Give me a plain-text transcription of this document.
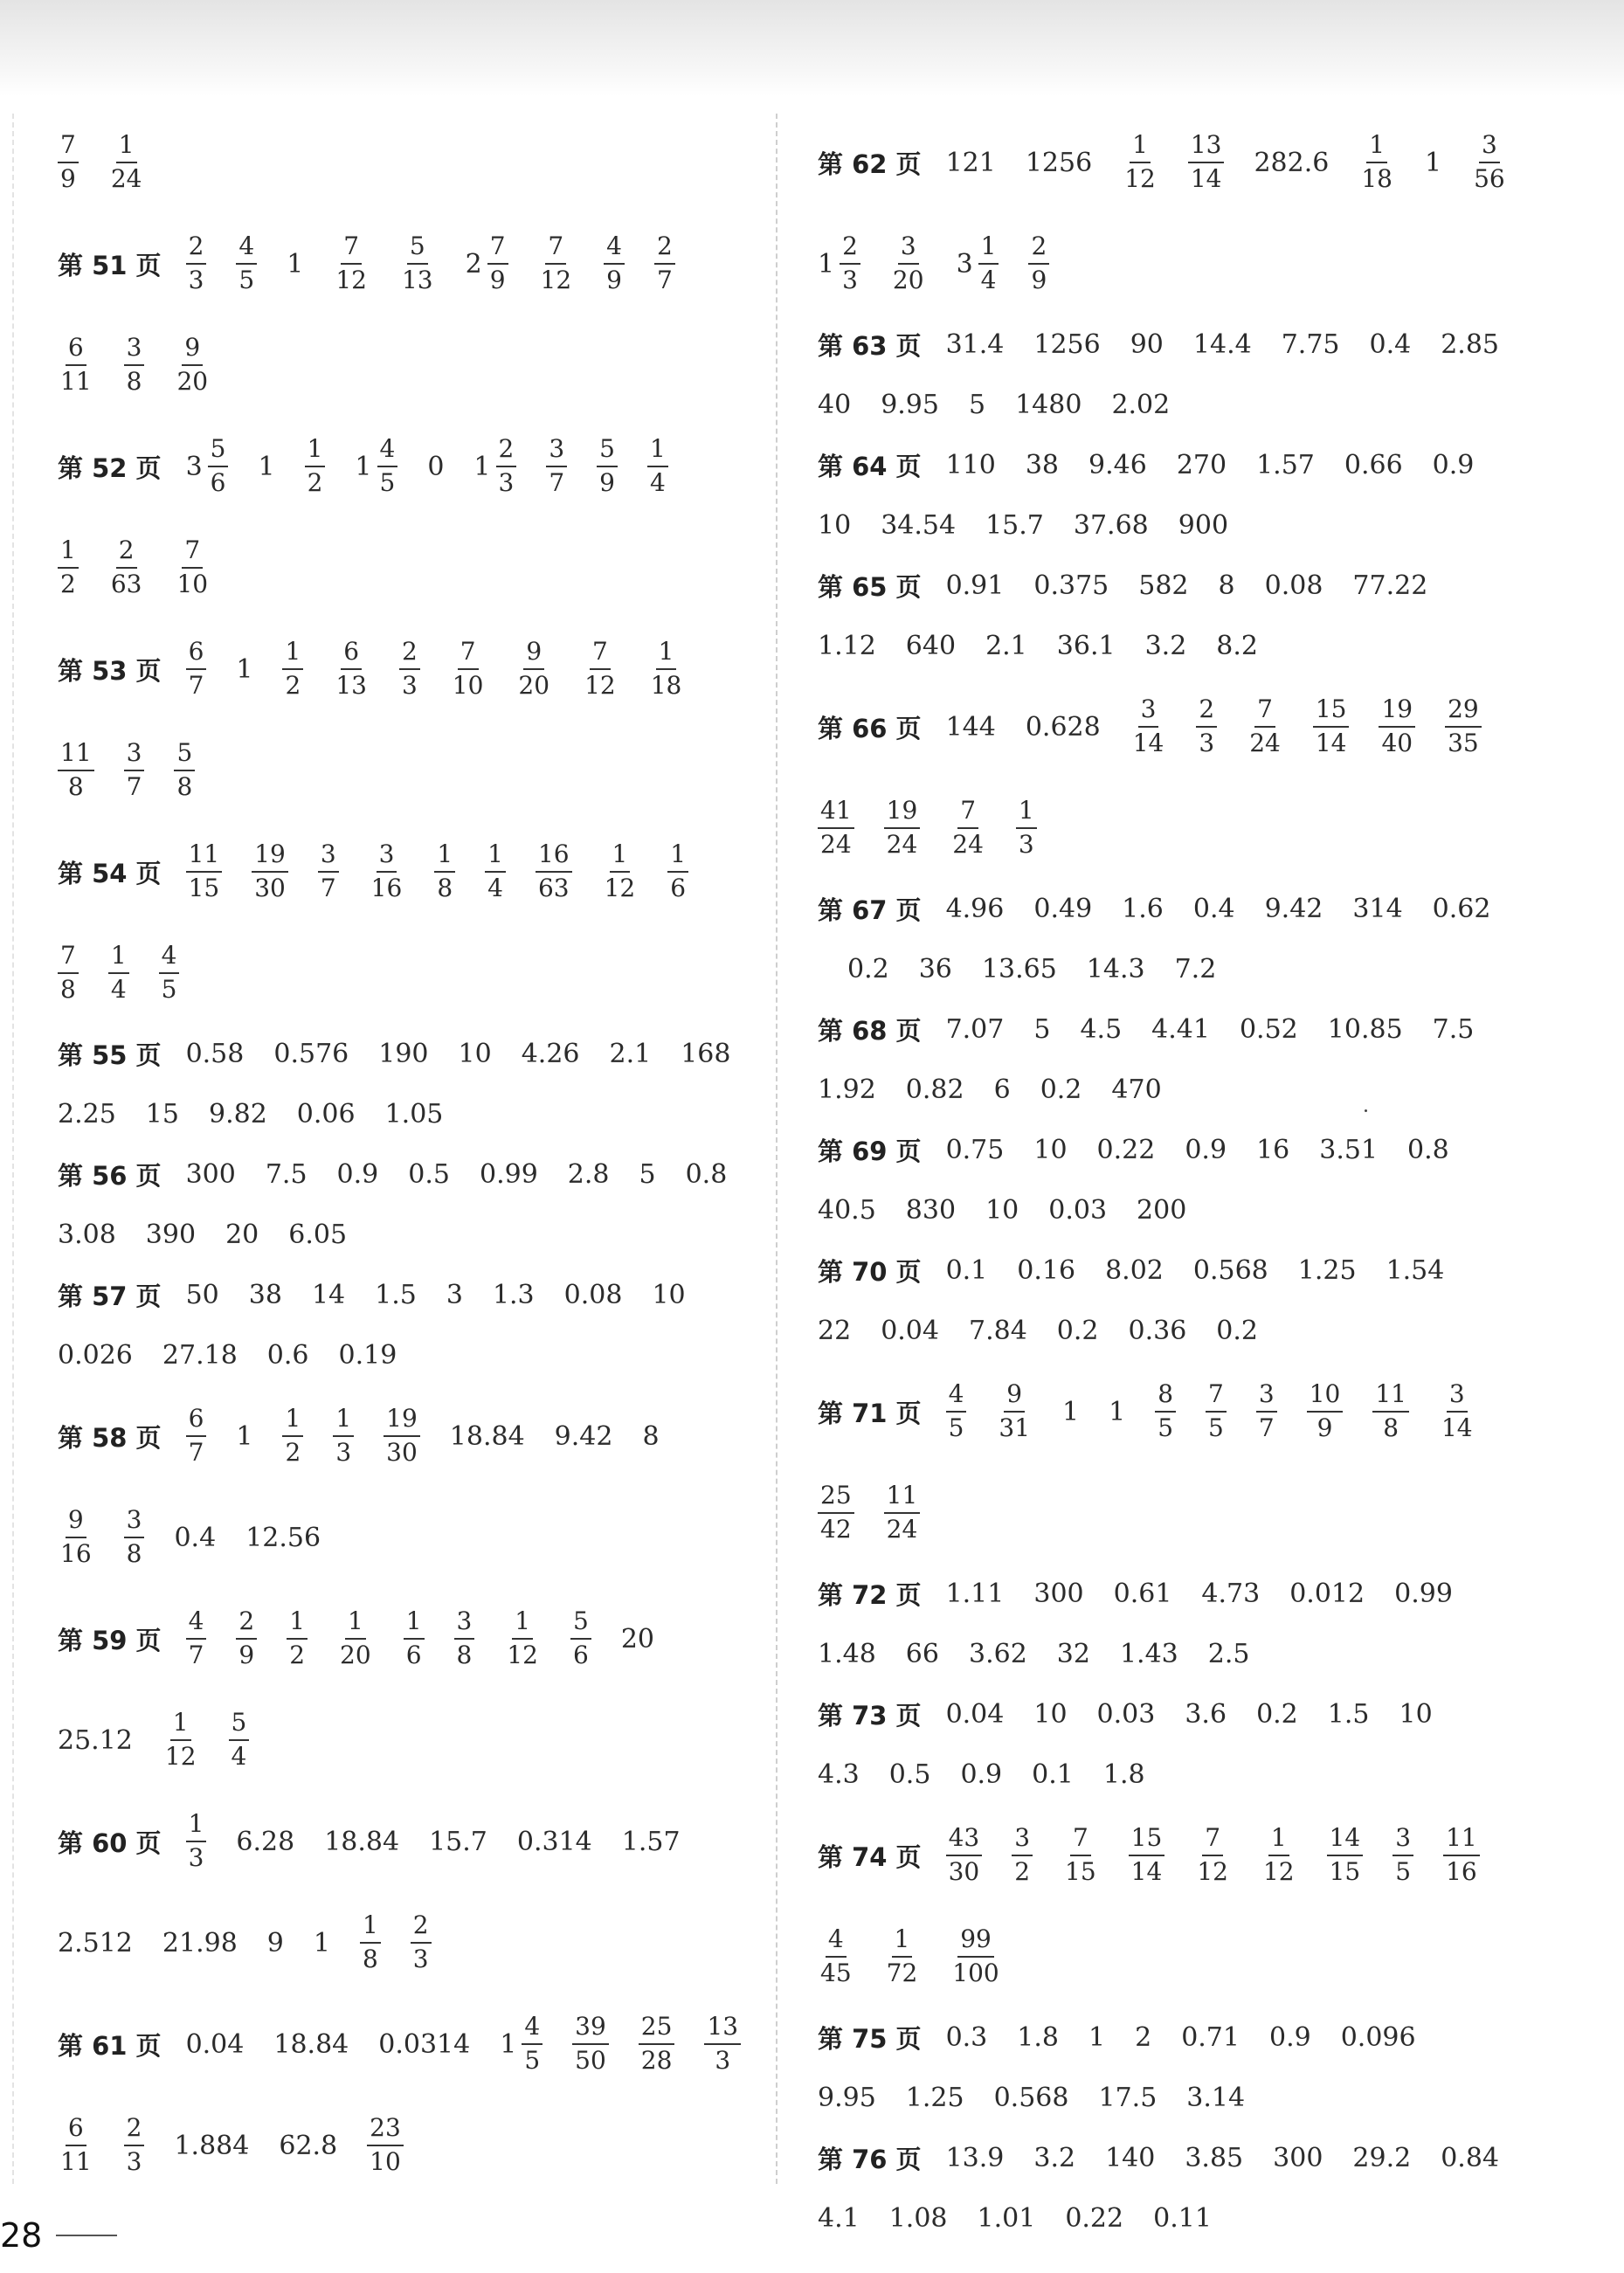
$\frac{7}{9} \frac{1}{24}$
第 51 页 $\frac{2}{3} \frac{4}{5} 1 \frac{7}{12} \frac{5}{13} 2 \frac{7}{9} \frac{7}{12} \frac{4}{9} \frac{2}{7}$
$\frac{6}{11} \frac{3}{8} \frac{9}{20}$
第 52 页 $3 \frac{5}{6} 1 \frac{1}{2} 1 \frac{4}{5} 0$ $1 \frac{2}{3} \frac{3}{7} \frac{5}{9} \frac{1}{4}$
$\frac{1}{2} \frac{2}{63} \frac{7}{10}$
第 53 页 $\frac{6}{7} 1 \frac{1}{2} \frac{6}{13} \frac{2}{3} \frac{7}{10} \frac{9}{20} \frac{7}{12} \frac{1}{18}$
$\frac{11}{8} \frac{3}{7} \frac{5}{8}$
第 54 页 $\frac{11}{15} \frac{19}{30} \frac{3}{7} \frac{3}{16} \frac{1}{8} \frac{1}{4} \frac{16}{63} \frac{1}{12} \frac{1}{6}$
$\frac{7}{8} \frac{1}{4} \frac{4}{5}$
第 55 页 0.58 0.576 190 10 4.26 2.1 168
2.25 15 9.82 0.06 1.05
第 56 页 300 7.5 0.9 0.5 0.99 2.8 5 0.8
3.08 390 20 6.05
第 57 页 50 38 14 1.5 3 1.3 0.08 10
0.026 27.18 0.6 0.19
第 58 页 $\frac{6}{7} 1 \frac{1}{2} \frac{1}{3} \frac{19}{30} 18.84$ 9.42 8
$\frac{9}{16} \frac{3}{8} 0.4$ 12.56
第 59 页 $\frac{4}{7} \frac{2}{9} \frac{1}{2} \frac{1}{20} \frac{1}{6} \frac{3}{8} \frac{1}{12} \frac{5}{6} 20$
$25.12 \frac{1}{12} \frac{5}{4}$
第 60 页 $\frac{1}{3} 6.28$ 18.84 15.7 0.314 1.57
2.512 21.98 9 $1 \frac{1}{8} \frac{2}{3}$
第 61 页 0.04 18.84 0.0314 $1 \frac{4}{5} \frac{39}{50} \frac{25}{28} \frac{13}{3}$
$\frac{6}{11} \frac{2}{3} 1.884$ $62.8 \frac{23}{10}$
第 62 页 121 $1256 \frac{1}{12} \frac{13}{14} 282.6 \frac{1}{18} 1 \frac{3}{56}$
$1 \frac{2}{3} \frac{3}{20} 3 \frac{1}{4} \frac{2}{9}$
第 63 页 31.4 1256 90 14.4 7.75 0.4 2.85
40 9.95 5 1480 2.02
第 64 页 110 38 9.46 270 1.57 0.66 0.9
10 34.54 15.7 37.68 900
第 65 页 0.91 0.375 582 8 0.08 77.22
1.12 640 2.1 36.1 3.2 8.2
第 66 页 144 $0.628 \frac{3}{14} \frac{2}{3} \frac{7}{24} \frac{15}{14} \frac{19}{40} \frac{29}{35}$
$\frac{41}{24} \frac{19}{24} \frac{7}{24} \frac{1}{3}$
第 67 页 4.96 0.49 1.6 0.4 9.42 314 0.62
0.2 36 13.65 14.3 7.2
第 68 页 7.07 5 4.5 4.41 0.52 10.85 7.5
1.92 0.82 6 0.2 470
第 69 页 0.75 10 0.22 0.9 16 3.51 0.8
40.5 830 10 0.03 200
第 70 页 0.1 0.16 8.02 0.568 1.25 1.54
22 0.04 7.84 0.2 0.36 0.2
第 71 页 $\frac{4}{5} \frac{9}{31} 1$ $1 \frac{8}{5} \frac{7}{5} \frac{3}{7} \frac{10}{9} \frac{11}{8} \frac{3}{14}$
$\frac{25}{42} \frac{11}{24}$
第 72 页 1.11 300 0.61 4.73 0.012 0.99
1.48 66 3.62 32 1.43 2.5
第 73 页 0.04 10 0.03 3.6 0.2 1.5 10
4.3 0.5 0.9 0.1 1.8
第 74 页 $\frac{43}{30} \frac{3}{2} \frac{7}{15} \frac{15}{14} \frac{7}{12} \frac{1}{12} \frac{14}{15} \frac{3}{5} \frac{11}{16}$
$\frac{4}{45} \frac{1}{72} \frac{99}{100}$
第 75 页 0.3 1.8 1 2 0.71 0.9 0.096
9.95 1.25 0.568 17.5 3.14
第 76 页 13.9 3.2 140 3.85 300 29.2 0.84
4.1 1.08 1.01 0.22 0.11
28
